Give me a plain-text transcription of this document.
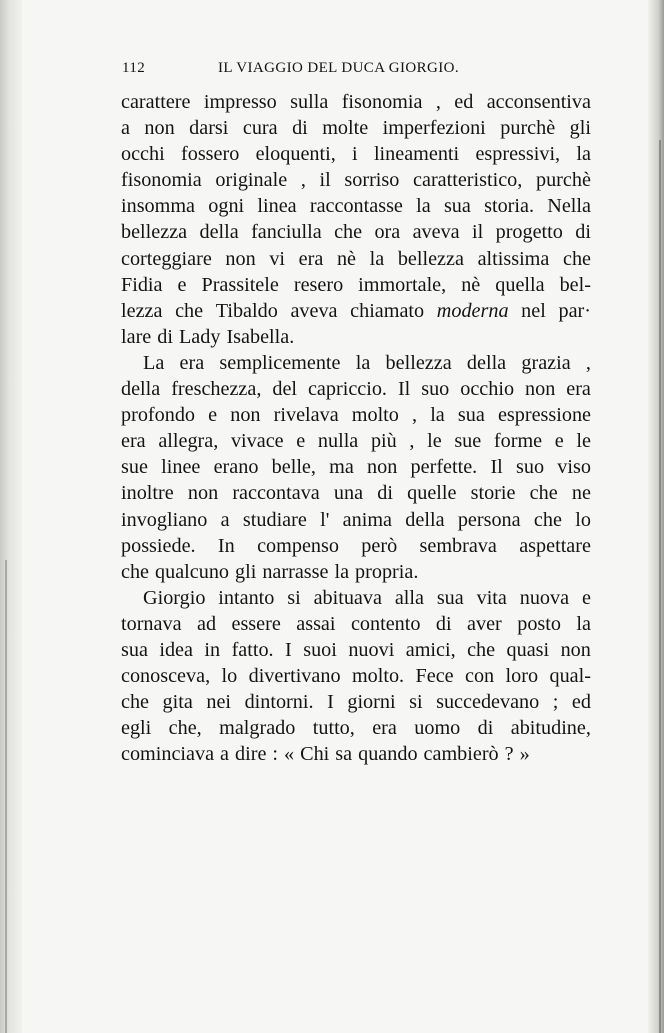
112	IL VIAGGIO DEL DUCA GIORGIO.
carattere impresso sulla fisonomia , ed acconsentiva
a non darsi cura di molte imperfezioni purchè gli
occhi fossero eloquenti, i lineamenti espressivi, la
fisonomia originale , il sorriso caratteristico, purchè
insomma ogni linea raccontasse la sua storia. Nella
bellezza della fanciulla che ora aveva il progetto di
corteggiare non vi era nè la bellezza altissima che
Fidia e Prassitele resero immortale, nè quella bel-
lezza che Tibaldo aveva chiamato moderna nel par·
lare di Lady Isabella.
La era semplicemente la bellezza della grazia ,
della freschezza, del capriccio. Il suo occhio non era
profondo e non rivelava molto , la sua espressione
era allegra, vivace e nulla più , le sue forme e le
sue linee erano belle, ma non perfette. Il suo viso
inoltre non raccontava una di quelle storie che ne
invogliano a studiare l' anima della persona che lo
possiede. In compenso però sembrava aspettare
che qualcuno gli narrasse la propria.
Giorgio intanto si abituava alla sua vita nuova e
tornava ad essere assai contento di aver posto la
sua idea in fatto. I suoi nuovi amici, che quasi non
conosceva, lo divertivano molto. Fece con loro qual-
che gita nei dintorni. I giorni si succedevano ; ed
egli che, malgrado tutto, era uomo di abitudine,
cominciava a dire : « Chi sa quando cambierò ? »
